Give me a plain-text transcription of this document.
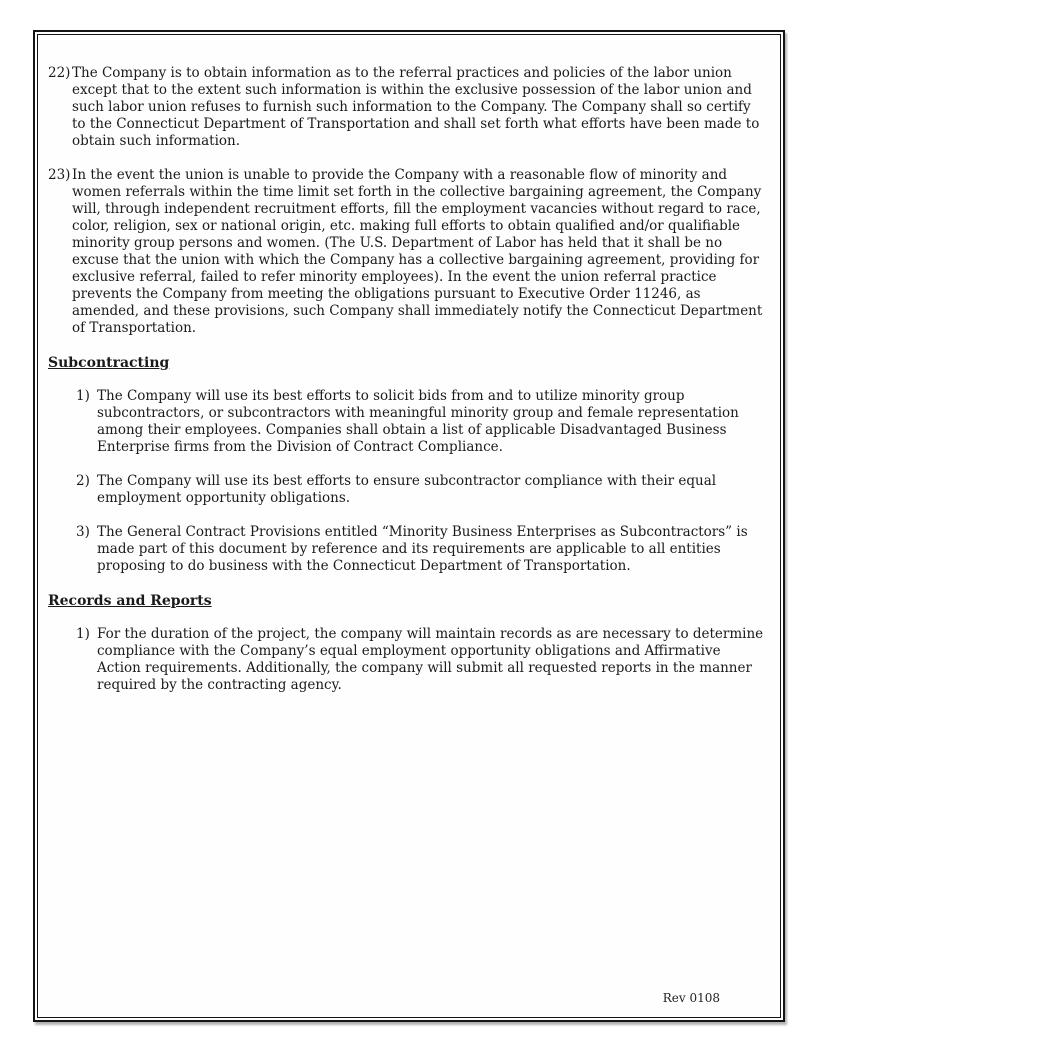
22) The Company is to obtain information as to the referral practices and policies of the labor union except that to the extent such information is within the exclusive possession of the labor union and such labor union refuses to furnish such information to the Company. The Company shall so certify to the Connecticut Department of Transportation and shall set forth what efforts have been made to obtain such information.
23) In the event the union is unable to provide the Company with a reasonable flow of minority and women referrals within the time limit set forth in the collective bargaining agreement, the Company will, through independent recruitment efforts, fill the employment vacancies without regard to race, color, religion, sex or national origin, etc. making full efforts to obtain qualified and/or qualifiable minority group persons and women. (The U.S. Department of Labor has held that it shall be no excuse that the union with which the Company has a collective bargaining agreement, providing for exclusive referral, failed to refer minority employees). In the event the union referral practice prevents the Company from meeting the obligations pursuant to Executive Order 11246, as amended, and these provisions, such Company shall immediately notify the Connecticut Department of Transportation.
Subcontracting
1) The Company will use its best efforts to solicit bids from and to utilize minority group subcontractors, or subcontractors with meaningful minority group and female representation among their employees. Companies shall obtain a list of applicable Disadvantaged Business Enterprise firms from the Division of Contract Compliance.
2) The Company will use its best efforts to ensure subcontractor compliance with their equal employment opportunity obligations.
3) The General Contract Provisions entitled “Minority Business Enterprises as Subcontractors” is made part of this document by reference and its requirements are applicable to all entities proposing to do business with the Connecticut Department of Transportation.
Records and Reports
1) For the duration of the project, the company will maintain records as are necessary to determine compliance with the Company’s equal employment opportunity obligations and Affirmative Action requirements. Additionally, the company will submit all requested reports in the manner required by the contracting agency.
Rev 0108
